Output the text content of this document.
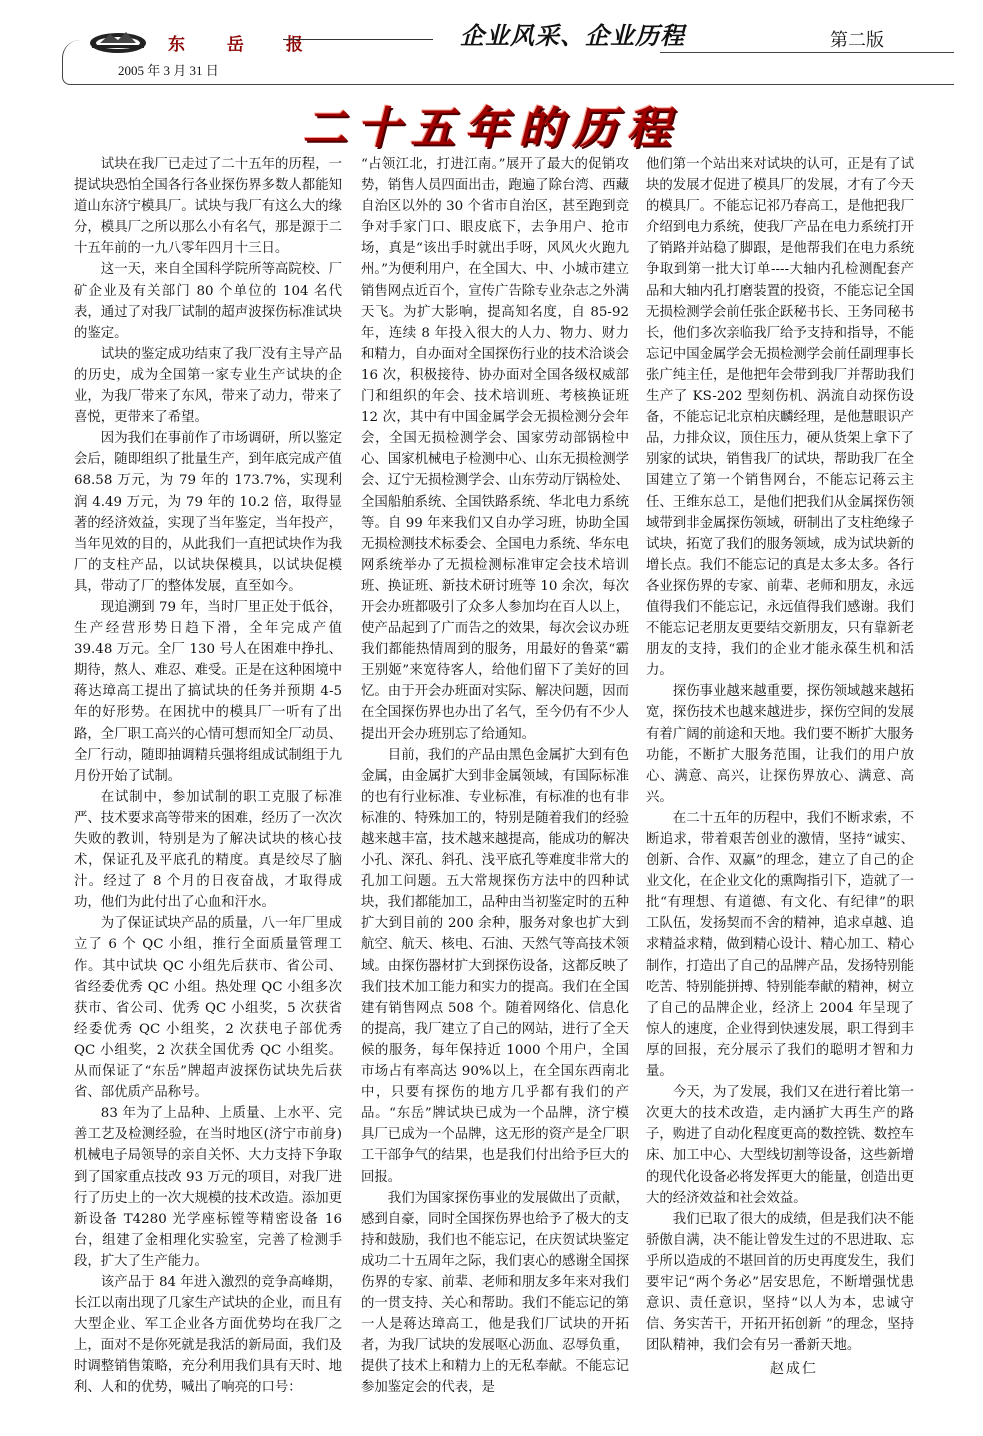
东 岳 报	企业风采、企业历程	第二版
2005 年 3 月 31 日
二十五年的历程

试块在我厂已走过了二十五年的历程，一提试块恐怕全国各行各业探伤界多数人都能知道山东济宁模具厂。试块与我厂有这么大的缘分，模具厂之所以那么小有名气，那是源于二十五年前的一九八零年四月十三日。

这一天，来自全国科学院所等高院校、厂矿企业及有关部门 80 个单位的 104 名代表，通过了对我厂试制的超声波探伤标准试块的鉴定。

试块的鉴定成功结束了我厂没有主导产品的历史，成为全国第一家专业生产试块的企业，为我厂带来了东风，带来了动力，带来了喜悦，更带来了希望。

因为我们在事前作了市场调研，所以鉴定会后，随即组织了批量生产，到年底完成产值 68.58 万元，为 79 年的 173.7%，实现利润 4.49 万元，为 79 年的 10.2 倍，取得显著的经济效益，实现了当年鉴定，当年投产，当年见效的目的，从此我们一直把试块作为我厂的支柱产品，以试块保模具，以试块促模具，带动了厂的整体发展，直至如今。

现追溯到 79 年，当时厂里正处于低谷，生产经营形势日趋下滑，全年完成产值 39.48 万元。全厂 130 号人在困难中挣扎、期待，熬人、难忍、难受。正是在这种困境中蒋达璋高工提出了搞试块的任务并预期 4-5 年的好形势。在困扰中的模具厂一听有了出路，全厂职工高兴的心情可想而知全厂动员、全厂行动，随即抽调精兵强将组成试制组于九月份开始了试制。

在试制中，参加试制的职工克服了标准严、技术要求高等带来的困难，经历了一次次失败的教训，特别是为了解决试块的核心技术，保证孔及平底孔的精度。真是绞尽了脑汁。经过了 8 个月的日夜奋战，才取得成功，他们为此付出了心血和汗水。

为了保证试块产品的质量，八一年厂里成立了 6 个 QC 小组，推行全面质量管理工作。其中试块 QC 小组先后获市、省公司、省经委优秀 QC 小组。热处理 QC 小组多次获市、省公司、优秀 QC 小组奖，5 次获省经委优秀 QC 小组奖，2 次获电子部优秀 QC 小组奖，2 次获全国优秀 QC 小组奖。从而保证了“东岳”牌超声波探伤试块先后获省、部优质产品称号。

83 年为了上品种、上质量、上水平、完善工艺及检测经验，在当时地区(济宁市前身)机械电子局领导的亲自关怀、大力支持下争取到了国家重点技改 93 万元的项目，对我厂进行了历史上的一次大规模的技术改造。添加更新设备 T4280 光学座标镗等精密设备 16 台，组建了金相理化实验室，完善了检测手段，扩大了生产能力。

该产品于 84 年进入激烈的竞争高峰期，长江以南出现了几家生产试块的企业，而且有大型企业、军工企业各方面优势均在我厂之上，面对不是你死就是我活的新局面，我们及时调整销售策略，充分利用我们具有天时、地利、人和的优势，喊出了响亮的口号：

“占领江北，打进江南。”展开了最大的促销攻势，销售人员四面出击，跑遍了除台湾、西藏自治区以外的 30 个省市自治区，甚至跑到竞争对手家门口、眼皮底下，去争用户、抢市场，真是“该出手时就出手呀，风风火火跑九州。”为便利用户，在全国大、中、小城市建立销售网点近百个，宣传广告除专业杂志之外满天飞。为扩大影响，提高知名度，自 85-92 年，连续 8 年投入很大的人力、物力、财力和精力，自办面对全国探伤行业的技术洽谈会 16 次，积极接待、协办面对全国各级权威部门和组织的年会、技术培训班、考核换证班 12 次，其中有中国金属学会无损检测分会年会，全国无损检测学会、国家劳动部锅检中心、国家机械电子检测中心、山东无损检测学会、辽宁无损检测学会、山东劳动厅锅检处、全国船舶系统、全国铁路系统、华北电力系统等。自 99 年来我们又自办学习班，协助全国无损检测技术标委会、全国电力系统、华东电网系统举办了无损检测标准审定会技术培训班、换证班、新技术研讨班等 10 余次，每次开会办班都吸引了众多人参加均在百人以上，使产品起到了广而告之的效果，每次会议办班我们都能热情周到的服务，用最好的鲁菜“霸王别姬”来宽待客人，给他们留下了美好的回忆。由于开会办班面对实际、解决问题，因而在全国探伤界也办出了名气，至今仍有不少人提出开会办班别忘了给通知。

目前，我们的产品由黑色金属扩大到有色金属，由金属扩大到非金属领域，有国际标准的也有行业标准、专业标准，有标准的也有非标准的、特殊加工的，特别是随着我们的经验越来越丰富，技术越来越提高，能成功的解决小孔、深孔、斜孔、浅平底孔等难度非常大的孔加工问题。五大常规探伤方法中的四种试块，我们都能加工，品种由当初鉴定时的五种扩大到目前的 200 余种，服务对象也扩大到航空、航天、核电、石油、天然气等高技术领域。由探伤器材扩大到探伤设备，这都反映了我们技术加工能力和实力的提高。我们在全国建有销售网点 508 个。随着网络化、信息化的提高，我厂建立了自己的网站，进行了全天候的服务，每年保持近 1000 个用户，全国市场占有率高达 90%以上，在全国东西南北中，只要有探伤的地方几乎都有我们的产品。“东岳”牌试块已成为一个品牌，济宁模具厂已成为一个品牌，这无形的资产是全厂职工干部争气的结果，也是我们付出给予巨大的回报。

我们为国家探伤事业的发展做出了贡献，感到自豪，同时全国探伤界也给予了极大的支持和鼓励，我们也不能忘记，在庆贺试块鉴定成功二十五周年之际，我们衷心的感谢全国探伤界的专家、前辈、老师和朋友多年来对我们的一贯支持、关心和帮助。我们不能忘记的第一人是蒋达璋高工，他是我们厂试块的开拓者，为我厂试块的发展呕心沥血、忍辱负重，提供了技术上和精力上的无私奉献。不能忘记参加鉴定会的代表，是

他们第一个站出来对试块的认可，正是有了试块的发展才促进了模具厂的发展，才有了今天的模具厂。不能忘记祁乃春高工，是他把我厂介绍到电力系统，使我厂产品在电力系统打开了销路并站稳了脚跟，是他帮我们在电力系统争取到第一批大订单----大轴内孔检测配套产品和大轴内孔打磨装置的投资，不能忘记全国无损检测学会前任张企跃秘书长、王务同秘书长，他们多次亲临我厂给予支持和指导，不能忘记中国金属学会无损检测学会前任副理事长张广纯主任，是他把年会带到我厂并帮助我们生产了 KS-202 型刻伤机、涡流自动探伤设备，不能忘记北京柏庆麟经理，是他慧眼识产品，力排众议，顶住压力，硬从货架上拿下了别家的试块，销售我厂的试块，帮助我厂在全国建立了第一个销售网台，不能忘记蒋云主任、王维东总工，是他们把我们从金属探伤领域带到非金属探伤领域，研制出了支柱绝缘子试块，拓宽了我们的服务领域，成为试块新的增长点。我们不能忘记的真是太多太多。各行各业探伤界的专家、前辈、老师和朋友，永远值得我们不能忘记，永远值得我们感谢。我们不能忘记老朋友更要结交新朋友，只有靠新老朋友的支持，我们的企业才能永葆生机和活力。

探伤事业越来越重要，探伤领域越来越拓宽，探伤技术也越来越进步，探伤空间的发展有着广阔的前途和天地。我们要不断扩大服务功能，不断扩大服务范围，让我们的用户放心、满意、高兴，让探伤界放心、满意、高兴。

在二十五年的历程中，我们不断求索，不断追求，带着艰苦创业的激情，坚持“诚实、创新、合作、双赢”的理念，建立了自己的企业文化，在企业文化的熏陶指引下，造就了一批“有理想、有道德、有文化、有纪律”的职工队伍，发扬契而不舍的精神，追求卓越、追求精益求精，做到精心设计、精心加工、精心制作，打造出了自己的品牌产品，发扬特别能吃苦、特别能拼搏、特别能奉献的精神，树立了自己的品牌企业，经济上 2004 年呈现了惊人的速度，企业得到快速发展，职工得到丰厚的回报，充分展示了我们的聪明才智和力量。

今天，为了发展，我们又在进行着比第一次更大的技术改造，走内涵扩大再生产的路子，购进了自动化程度更高的数控铣、数控车床、加工中心、大型线切割等设备，这些新增的现代化设备必将发挥更大的能量，创造出更大的经济效益和社会效益。

我们已取了很大的成绩，但是我们决不能骄傲自满，决不能让曾发生过的不思进取、忘乎所以造成的不堪回首的历史再度发生，我们要牢记“两个务必”居安思危，不断增强忧患意识、责任意识，坚持“以人为本，忠诚守信、务实苦干，开拓开拓创新 ”的理念，坚持团队精神，我们会有另一番新天地。

赵成仁
